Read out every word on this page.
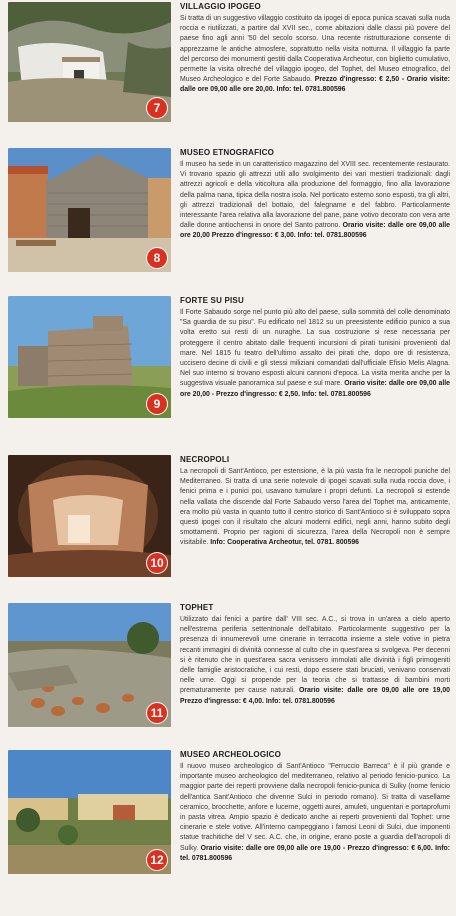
7

VILLAGGIO IPOGEO

Si tratta di un suggestivo villaggio costituito da ipogei di epoca punica scavati sulla nuda roccia e riutilizzati, a partire dal XVII sec., come abitazioni dalle classi più povere del paese fino agli anni '50 del secolo scorso. Una recente ristrutturazione consente di apprezzarne le antiche atmosfere, soprattutto nella visita notturna. Il villaggio fa parte del percorso dei monumenti gestiti dalla Cooperativa Archeotur, con biglietto cumulativo, permette la visita oltreché del villaggio ipogeo, del Tophet, del Museo etnografico, del Museo Archeologico e del Forte Sabaudo. Prezzo d'ingresso: € 2,50 - Orario visite: dalle ore 09,00 alle ore 20,00. Info: tel. 0781.800596

8

MUSEO ETNOGRAFICO

Il museo ha sede in un caratteristico magazzino del XVIII sec. recentemente restaurato. Vi trovano spazio gli attrezzi utili allo svolgimento dei vari mestieri tradizionali: dagli attrezzi agricoli e della viticoltura alla produzione del formaggio, fino alla lavorazione della palma nana, tipica della nostra isola. Nel porticato esterno sono esposti, tra gli altri, gli attrezzi tradizionali del bottaio, del falegname e del fabbro. Particolarmente interessante l'area relativa alla lavorazione del pane, pane votivo decorato con vera arte dalle donne antiochensi in onore del Santo patrono. Orario visite: dalle ore 09,00 alle ore 20,00 Prezzo d'ingresso: € 3,00. Info: tel. 0781.800596

9

FORTE SU PISU

Il Forte Sabaudo sorge nel punto più alto del paese, sulla sommità del colle denominato "Sa guardia de su pisu". Fu edificato nel 1812 su un preesistente edificio punico a sua volta eretto sui resti di un nuraghe. La sua costruzione si rese necessaria per proteggere il centro abitato dalle frequenti incursioni di pirati tunisini provenienti dal mare. Nel 1815 fu teatro dell'ultimo assalto dei pirati che, dopo ore di resistenza, uccisero decine di civili e gli stessi miliziani comandati dall'ufficiale Efisio Melis Alagna. Nel suo interno si trovano esposti alcuni cannoni d'epoca. La visita merita anche per la suggestiva visuale panoramica sul paese e sul mare. Orario visite: dalle ore 09,00 alle ore 20,00 - Prezzo d'ingresso: € 2,50. Info: tel. 0781.800596

10

NECROPOLI

La necropoli di Sant'Antioco, per estensione, è la più vasta fra le necropoli puniche del Mediterraneo. Si tratta di una serie notevole di ipogei scavati sulla nuda roccia dove, i fenici prima e i punici poi, usavano tumulare i propri defunti. La necropoli si estende nella vallata che discende dal Forte Sabaudo verso l'area del Tophet ma, anticamente, era molto più vasta in quanto tutto il centro storico di Sant'Antioco si è sviluppato sopra questi ipogei con il risultato che alcuni moderni edifici, negli anni, hanno subito degli smottamenti. Proprio per ragioni di sicurezza, l'area della Necropoli non è sempre visitabile. Info: Cooperativa Archeotur, tel. 0781. 800596

11

TOPHET

Utilizzato dai fenici a partire dall' VIII sec. A.C., si trova in un'area a cielo aperto nell'estrema periferia settentrionale dell'abitato. Particolarmente suggestivo per la presenza di innumerevoli urne cinerarie in terracotta insieme a stele votive in pietra recanti immagini di divinità connesse al culto che in quest'area si svolgeva. Per decenni si è ritenuto che in quest'area sacra venissero immolati alle divinità i figli primogeniti delle famiglie aristocratiche, i cui resti, dopo essere stati bruciati, venivano conservati nelle urne. Oggi si propende per la teoria che si trattasse di bambini morti prematuramente per cause naturali. Orario visite: dalle ore 09,00 alle ore 19,00 Prezzo d'ingresso: € 4,00. Info: tel. 0781.800596

12

MUSEO ARCHEOLOGICO

Il nuovo museo archeologico di Sant'Antioco "Ferruccio Barreca" è il più grande e importante museo archeologico del mediterraneo, relativo al periodo fenicio-punico. La maggior parte dei reperti provviene dalla necropoli fenicio-punica di Sulky (nome fenicio dell'antica Sant'Antioco che divenne Sulci in periodo romano). Si tratta di vasellame ceramico, brocchette, anfore e lucerne, oggetti aurei, amuleti, unguentari e portaprofumi in pasta vitrea. Ampio spazio è dedicato anche ai reperti provenienti dal Tophet: urne cinerarie e stele votive. All'interno campeggiano i famosi Leoni di Sulci, due imponenti statue trachitiche del V sec. A.C. che, in origine, erano poste a guardia dell'acropoli di Sulky. Orario visite: dalle ore 09,00 alle ore 19,00 - Prezzo d'ingresso: € 6,00. Info: tel. 0781.800596
